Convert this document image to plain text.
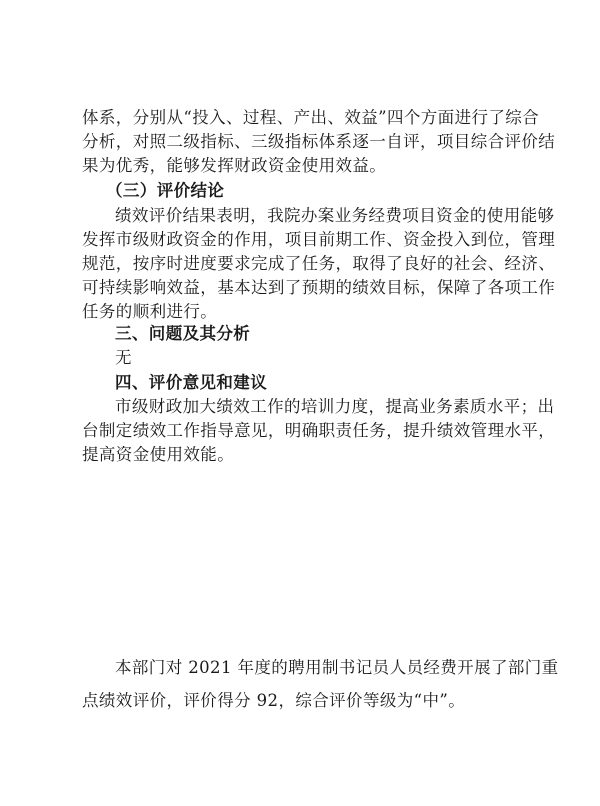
体系，分别从“投入、过程、产出、效益”四个方面进行了综合
分析，对照二级指标、三级指标体系逐一自评，项目综合评价结
果为优秀，能够发挥财政资金使用效益。
（三）评价结论
绩效评价结果表明，我院办案业务经费项目资金的使用能够
发挥市级财政资金的作用，项目前期工作、资金投入到位，管理
规范，按序时进度要求完成了任务，取得了良好的社会、经济、
可持续影响效益，基本达到了预期的绩效目标，保障了各项工作
任务的顺利进行。
三、问题及其分析
无
四、评价意见和建议
市级财政加大绩效工作的培训力度，提高业务素质水平；出
台制定绩效工作指导意见，明确职责任务，提升绩效管理水平，
提高资金使用效能。
本部门对 2021 年度的聘用制书记员人员经费开展了部门重
点绩效评价，评价得分 92，综合评价等级为“中”。
